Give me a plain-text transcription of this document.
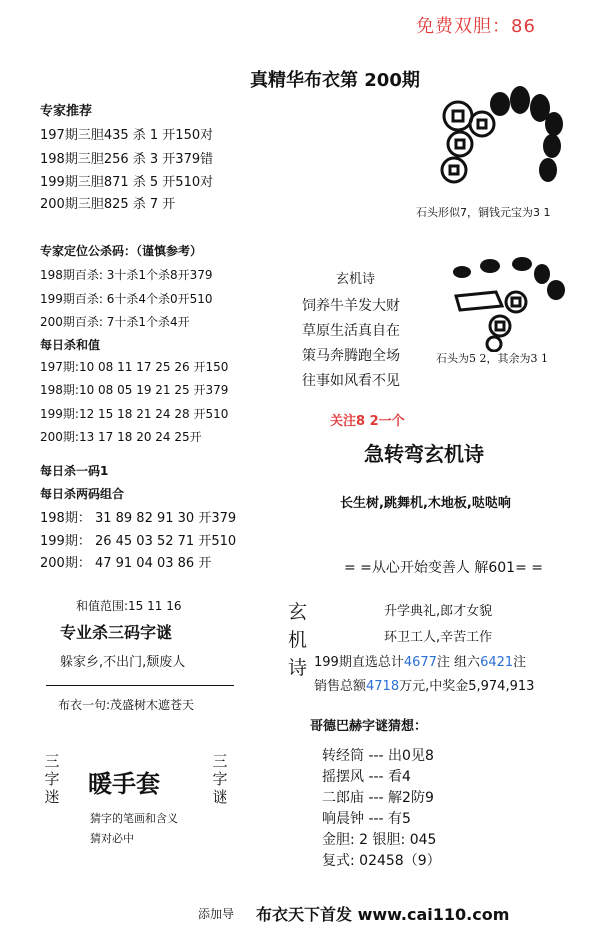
免费双胆：86
真精华布衣第 200期
专家推荐
197期三胆435 杀 1 开150对
198期三胆256 杀 3 开379错
199期三胆871 杀 5 开510对
200期三胆825 杀 7 开
专家定位公杀码：（谨慎参考）
198期百杀: 3十杀1个杀8开379
199期百杀: 6十杀4个杀0开510
200期百杀: 7十杀1个杀4开
每日杀和值
197期:10 08 11 17 25 26 开150
198期:10 08 05 19 21 25 开379
199期:12 15 18 21 24 28 开510
200期:13 17 18 20 24 25开
每日杀一码1
每日杀两码组合
198期： 31 89 82 91 30 开379
199期： 26 45 03 52 71 开510
200期： 47 91 04 03 86 开
和值范围:15 11 16
专业杀三码字谜
躲家乡,不出门,颓废人
布衣一句:茂盛树木遮苍天
三字迷 暖手套
三字谜
猜字的笔画和含义
猜对必中
石头形似7，铜钱元宝为3 1
石头为5 2，其余为3 1
玄机诗
饲养牛羊发大财
草原生活真自在
策马奔腾跑全场
往事如风看不见
关注8 2一个
急转弯玄机诗
长生树,跳舞机,木地板,哒哒响
= =从心开始变善人 解601= =
玄
机
诗
升学典礼,郎才女貌
环卫工人,辛苦工作
199期直选总计4677注 组六6421注
销售总额4718万元,中奖金5,974,913
哥德巴赫字谜猜想：
转经筒 --- 出0见8
摇摆风 --- 看4
二郎庙 --- 解2防9
响晨钟 --- 有5
金胆: 2 银胆: 045
复式: 02458（9）
添加导 布衣天下首发 www.cai110.com
